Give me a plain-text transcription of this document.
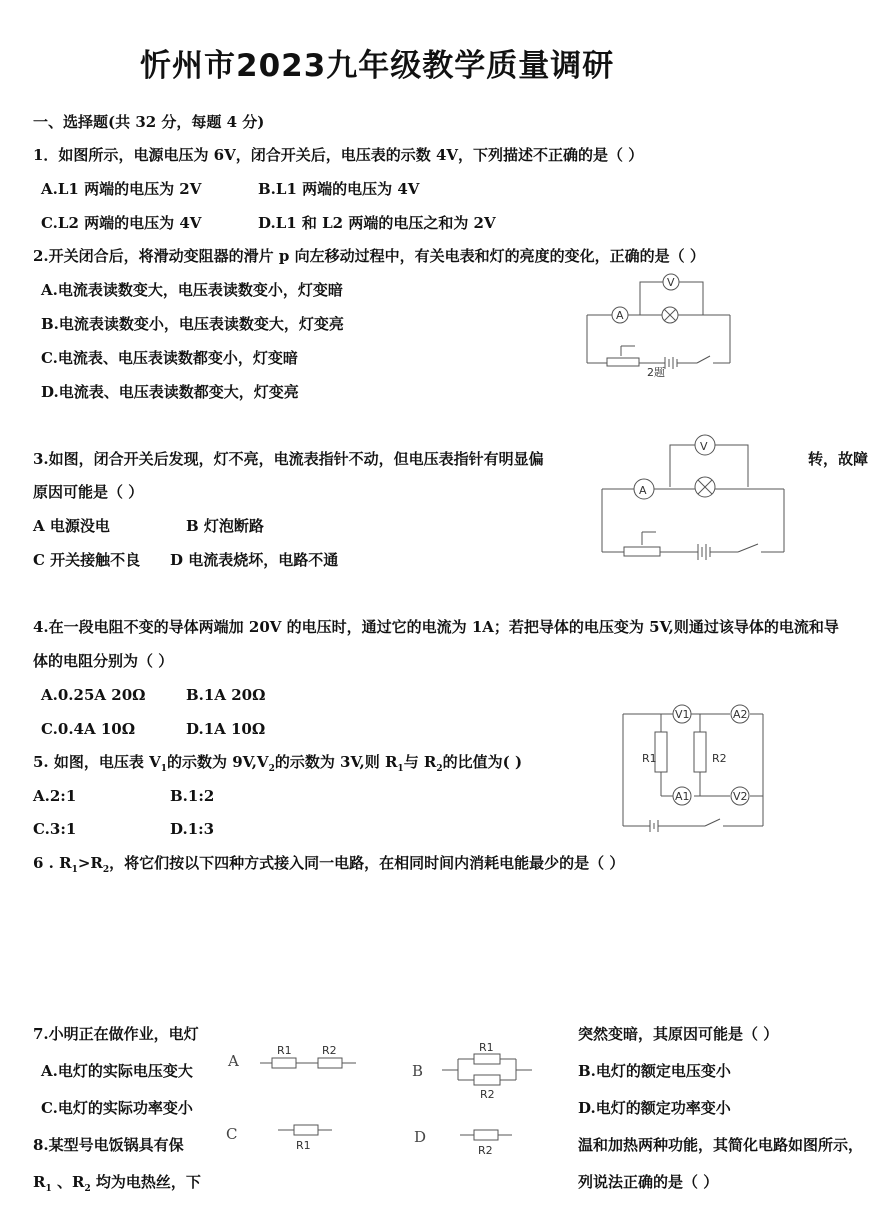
忻州市2023九年级教学质量调研
一、选择题(共 32 分，每题 4 分)
1．如图所示，电源电压为 6V，闭合开关后，电压表的示数 4V，下列描述不正确的是（ ）
A.L1 两端的电压为 2V	B.L1 两端的电压为 4V
C.L2 两端的电压为 4V	D.L1 和 L2 两端的电压之和为 2V
2.开关闭合后，将滑动变阻器的滑片 p 向左移动过程中，有关电表和灯的亮度的变化，正确的是（ ）
A.电流表读数变大，电压表读数变小，灯变暗
B.电流表读数变小，电压表读数变大，灯变亮
C.电流表、电压表读数都变小，灯变暗
D.电流表、电压表读数都变大，灯变亮
V
A
2题
3.如图，闭合开关后发现，灯不亮，电流表指针不动，但电压表指针有明显偏	转，故障
原因可能是（ ）
A 电源没电	B 灯泡断路
C 开关接触不良 D 电流表烧坏，电路不通
V
A
4.在一段电阻不变的导体两端加 20V 的电压时，通过它的电流为 1A；若把导体的电压变为 5V,则通过该导体的电流和导
体的电阻分别为（ ）
A.0.25A 20Ω	B.1A 20Ω
C.0.4A 10Ω	D.1A 10Ω
5. 如图，电压表 $V_1$的示数为 $9V,V_2$的示数为 3V,则 $R_1$与 $R_2$的比值为( )
A.2:1	B.1:2
C.3:1	D.1:3
R1	R2
V1	A2
A1	V2
6 . $R_1>R_2$，将它们按以下四种方式接入同一电路，在相同时间内消耗电能最少的是（ ）
7.小明正在做作业，电灯	突然变暗，其原因可能是（ ）
A.电灯的实际电压变大	B.电灯的额定电压变小
C.电灯的实际功率变小	D.电灯的额定功率变小
8.某型号电饭锅具有保	温和加热两种功能，其简化电路如图所示，
$R_1$ 、$R_2$ 均为电热丝，下	列说法正确的是（ ）
A
B
C	D
R1	R2	R1
R2
R1	R2
